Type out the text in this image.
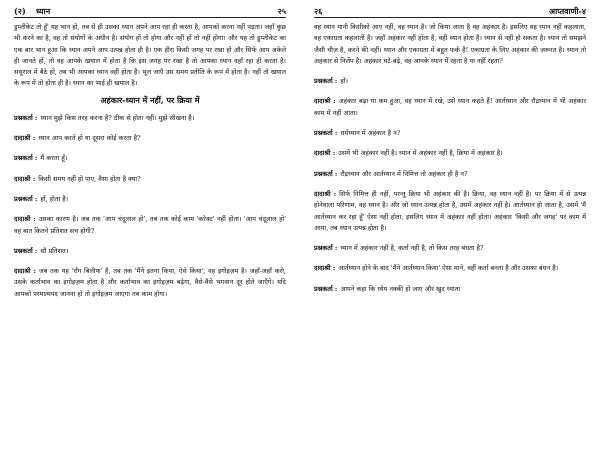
(२) ध्यान	२५

डुप्लीकेट तो हूँ' यह भान हो, तब से ही उसका ध्यान अपने आप रहा ही करता है, आपको करना नहीं पड़ता। जहाँ कुछ भी करने का है, वह तो संयोगों के अधीन है। संयोग हों तो होगा और नहीं हों तो नहीं होगा। और यह तो डुप्लीकेट का एक बार भान हुआ कि ध्यान अपने आप उत्पन्न होता ही है। एक हीरा किसी जगह पर रखा हो और सिर्फ आप अकेले ही जानते हों, तो वह आपके खयाल में होता है कि इस जगह पर रखा है तो आपका ध्यान वहाँ रहा ही करता है। ससुराल में बैठे हों, तब भी आपका ध्यान वहीं होता है। भूल जाएँ उस समय प्रतीति के रूप में होता है। नहीं तो खयाल के रूप में तो होता ही है। ध्यान का भाई ही खयाल है।

अहंकार-ध्यान में नहीं, पर क्रिया में

प्रश्नकर्ता : ध्यान मुझे किस तरह करना है? ठीक से होता नहीं। मुझे सीखना है।

दादाश्री : ध्यान आप करते हो या दूसरा कोई करता है?

प्रश्नकर्ता : मैं करता हूँ।

दादाश्री : किसी समय नहीं हो पाए, वैसा होता है क्या?

प्रश्नकर्ता : हाँ, होता है।

दादाश्री : उसका कारण है। जब तक 'आप चंदूलाल हो', तब तक कोई काम 'करेक्ट' नहीं होता। 'आप चंदूलाल हो' वह बात कितने प्रतिशत सच होगी?

प्रश्नकर्ता : सौ प्रतिशत।

दादाश्री : जब तक यह 'रॉंग बिलीफ' है, तब तक 'मैंने इतना किया, ऐसे किया', वह इगोइज़म है। जहाँ-जहाँ करो, उसके कर्ताभाव का इगोइज़म होता है और कर्ताभाव का इगोइज़म बढ़ेगा, वैसे-वैसे भगवान दूर होते जाएँगे। यदि आपको परमात्मपद जानना हो तो इगोइज़म जाएगा तब काम होगा।

२६	आप्तवाणी-४

वह ध्यान यानी किसीको आए नहीं, वह ध्यान है। जो किया जाता है वह अहंकार है। इसलिए वह ध्यान नहीं कहलाता, वह एकाग्रता कहलाती है। जहाँ अहंकार नहीं होता है, वहीं ध्यान होता है। ध्यान से नहीं हो सकता है। ध्यान तो समझने जैसी चीज़ है, करने की नहीं। ध्यान और एकाग्रता में बहुत फर्क है! एकाग्रता के लिए अहंकार की ज़रूरत है। ध्यान तो अहंकार से निर्लेप है। अहंकार घटे-बढ़े, वह आपके ध्यान में रहता है या नहीं रहता?

प्रश्नकर्ता : हाँ।

दादाश्री : अहंकार बढ़ा या कम हुआ, वह ध्यान में रखे, उसे ध्यान कहते हैं! आर्तध्यान और रौद्रध्यान में भी अहंकार काम में नहीं आता।

प्रश्नकर्ता : धर्मध्यान में अहंकार है न?

दादाश्री : उसमें भी अहंकार नहीं है। ध्यान में अहंकार नहीं है, क्रिया में अहंकार है।

प्रश्नकर्ता : रौद्रध्यान और आर्तध्यान में निमित्त तो अहंकार ही है न?

दादाश्री : सिर्फ निमित्त ही नहीं, परन्तु क्रिया भी अहंकार की है। क्रिया, वह ध्यान नहीं है। पर क्रिया में से उत्पन्न होनेवाला परिणाम, वह ध्यान है। और जो ध्यान उत्पन्न होता है, उसमें अहंकार नहीं है। आर्तध्यान हो जाता है, उसमें 'मैं आर्तध्यान कर रहा हूँ' ऐसा नहीं होता, इसलिए ध्यान में अहंकार नहीं होता। अहंकार 'किसी और जगह' पर काम में आया, तब ध्यान उत्पन्न होता है।

प्रश्नकर्ता : ध्यान में अहंकार नहीं है, कर्ता नहीं है, तो किस तरह बंधता है?

दादाश्री : आर्तध्यान होने के बाद 'मैंने आर्तध्यान किया' ऐसा माने, वहीं कर्ता बनता है और उसका बंधन है।

प्रश्नकर्ता : आपने कहा कि ध्येय नक्की हो जाए और खुद ध्याता
